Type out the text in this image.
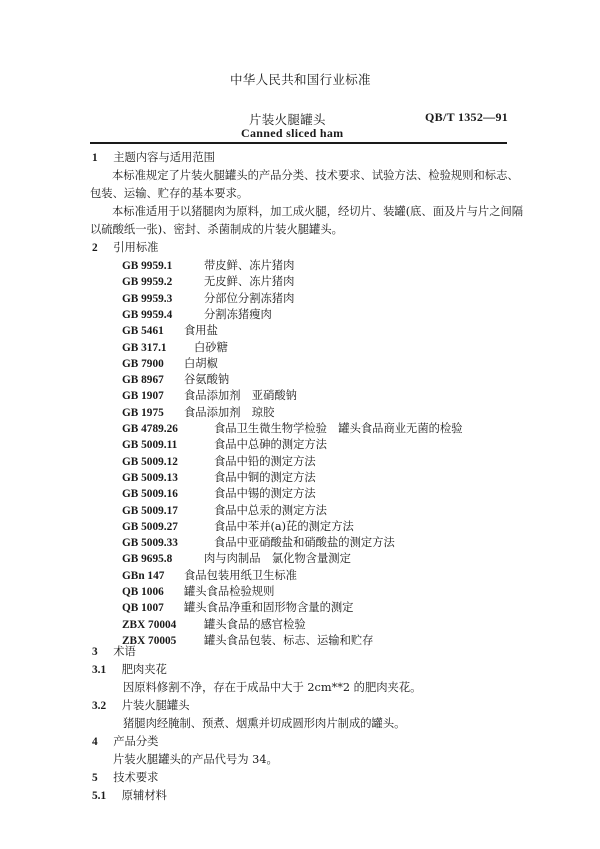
中华人民共和国行业标准
片装火腿罐头	QB/T 1352—91
Canned sliced ham
1 主题内容与适用范围
本标准规定了片装火腿罐头的产品分类、技术要求、试验方法、检验规则和标志、
包装、运输、贮存的基本要求。
本标准适用于以猪腿肉为原料，加工成火腿，经切片、装罐(底、面及片与片之间隔
以硫酸纸一张)、密封、杀菌制成的片装火腿罐头。
2 引用标准
GB 9959.1	带皮鲜、冻片猪肉
GB 9959.2	无皮鲜、冻片猪肉
GB 9959.3	分部位分割冻猪肉
GB 9959.4	分割冻猪瘦肉
GB 5461 食用盐
GB 317.1 白砂糖
GB 7900 白胡椒
GB 8967 谷氨酸钠
GB 1907 食品添加剂　亚硝酸钠
GB 1975 食品添加剂　琼胶
GB 4789.26	食品卫生微生物学检验　罐头食品商业无菌的检验
GB 5009.11	食品中总砷的测定方法
GB 5009.12	食品中铅的测定方法
GB 5009.13	食品中铜的测定方法
GB 5009.16	食品中锡的测定方法
GB 5009.17	食品中总汞的测定方法
GB 5009.27	食品中苯并(a)芘的测定方法
GB 5009.33	食品中亚硝酸盐和硝酸盐的测定方法
GB 9695.8	肉与肉制品　氯化物含量测定
GBn 147 食品包装用纸卫生标准
QB 1006 罐头食品检验规则
QB 1007 罐头食品净重和固形物含量的测定
ZBX 70004 罐头食品的感官检验
ZBX 70005 罐头食品包装、标志、运输和贮存
3 术语
3.1 肥肉夹花
因原料修割不净，存在于成品中大于 2cm**2 的肥肉夹花。
3.2 片装火腿罐头
猪腿肉经腌制、预煮、烟熏并切成圆形肉片制成的罐头。
4 产品分类
片装火腿罐头的产品代号为 34。
5 技术要求
5.1 原辅材料
